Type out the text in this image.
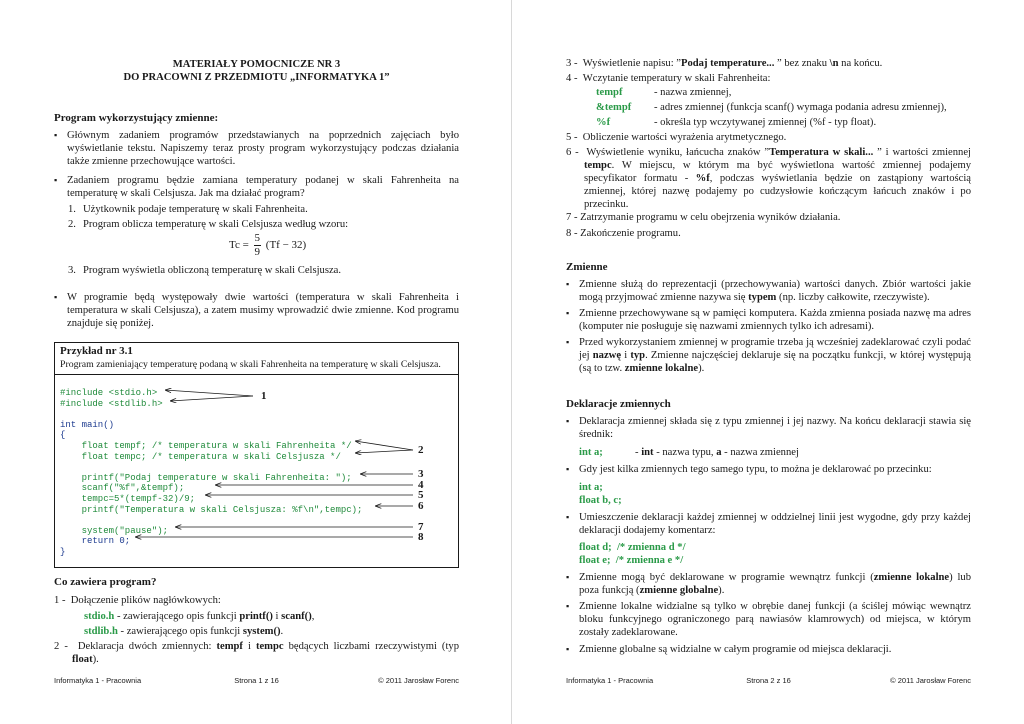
MATERIAŁY POMOCNICZE NR 3
DO PRACOWNI Z PRZEDMIOTU „INFORMATYKA 1”
Program wykorzystujący zmienne:

▪ Głównym zadaniem programów przedstawianych na poprzednich zajęciach było wyświetlanie tekstu. Napiszemy teraz prosty program wykorzystujący podczas działania także zmienne przechowujące wartości.

▪ Zadaniem programu będzie zamiana temperatury podanej w skali Fahrenheita na temperaturę w skali Celsjusza. Jak ma działać program?

1. Użytkownik podaje temperaturę w skali Fahrenheita.

2. Program oblicza temperaturę w skali Celsjusza według wzoru:

$Tc = \frac{5}{9} (Tf - 32)$

3. Program wyświetla obliczoną temperaturę w skali Celsjusza.

▪ W programie będą występowały dwie wartości (temperatura w skali Fahrenheita i temperatura w skali Celsjusza), a zatem musimy wprowadzić dwie zmienne. Kod programu znajduje się poniżej.

Przykład nr 3.1
Program zamieniający temperaturę podaną w skali Fahrenheita na temperaturę w skali Celsjusza.
#include <stdio.h>
#include <stdlib.h>
int main()
{
float tempf; /* temperatura w skali Fahrenheita */
float tempc; /* temperatura w skali Celsjusza */
printf("Podaj temperature w skali Fahrenheita: ");
scanf("%f",&tempf);
tempc=5*(tempf-32)/9;
printf("Temperatura w skali Celsjusza: %f\n",tempc);
system("pause");
return 0;
}
1
2
3
4
5
6
7
8
Co zawiera program?

1 - Dołączenie plików nagłówkowych:

stdio.h - zawierającego opis funkcji printf() i scanf(),

stdlib.h - zawierającego opis funkcji system().

2 - Deklaracja dwóch zmiennych: tempf i tempc będących liczbami rzeczywistymi (typ float).

Informatyka 1 - Pracownia	Strona 1 z 16	© 2011 Jarosław Forenc

3 - Wyświetlenie napisu: ”Podaj temperature... ” bez znaku \n na końcu.

4 - Wczytanie temperatury w skali Fahrenheita:

tempf	- nazwa zmiennej,

&tempf - adres zmiennej (funkcja scanf() wymaga podania adresu zmiennej),

%f	- określa typ wczytywanej zmiennej (%f - typ float).

5 - Obliczenie wartości wyrażenia arytmetycznego.

6 - Wyświetlenie wyniku, łańcucha znaków ”Temperatura w skali... ” i wartości zmiennej tempc. W miejscu, w którym ma być wyświetlona wartość zmiennej podajemy specyfikator formatu - %f, podczas wyświetlania będzie on zastąpiony wartością zmiennej, której nazwę podajemy po cudzysłowie kończącym łańcuch znaków i po przecinku.

7 - Zatrzymanie programu w celu obejrzenia wyników działania.

8 - Zakończenie programu.

Zmienne

▪ Zmienne służą do reprezentacji (przechowywania) wartości danych. Zbiór wartości jakie mogą przyjmować zmienne nazywa się typem (np. liczby całkowite, rzeczywiste).

▪ Zmienne przechowywane są w pamięci komputera. Każda zmienna posiada nazwę ma adres (komputer nie posługuje się nazwami zmiennych tylko ich adresami).

▪ Przed wykorzystaniem zmiennej w programie trzeba ją wcześniej zadeklarować czyli podać jej nazwę i typ. Zmienne najczęściej deklaruje się na początku funkcji, w której występują (są to tzw. zmienne lokalne).

Deklaracje zmiennych

▪ Deklaracja zmiennej składa się z typu zmiennej i jej nazwy. Na końcu deklaracji stawia się średnik:

int a;	- int - nazwa typu, a - nazwa zmiennej

▪ Gdy jest kilka zmiennych tego samego typu, to można je deklarować po przecinku:

int a;

float b, c;

▪ Umieszczenie deklaracji każdej zmiennej w oddzielnej linii jest wygodne, gdy przy każdej deklaracji dodajemy komentarz:

float d;  /* zmienna d */

float e;  /* zmienna e */

▪ Zmienne mogą być deklarowane w programie wewnątrz funkcji (zmienne lokalne) lub poza funkcją (zmienne globalne).

▪ Zmienne lokalne widzialne są tylko w obrębie danej funkcji (a ściślej mówiąc wewnątrz bloku funkcyjnego ograniczonego parą nawiasów klamrowych) od miejsca, w którym zostały zadeklarowane.

▪ Zmienne globalne są widzialne w całym programie od miejsca deklaracji.

Informatyka 1 - Pracownia	Strona 2 z 16	© 2011 Jarosław Forenc
